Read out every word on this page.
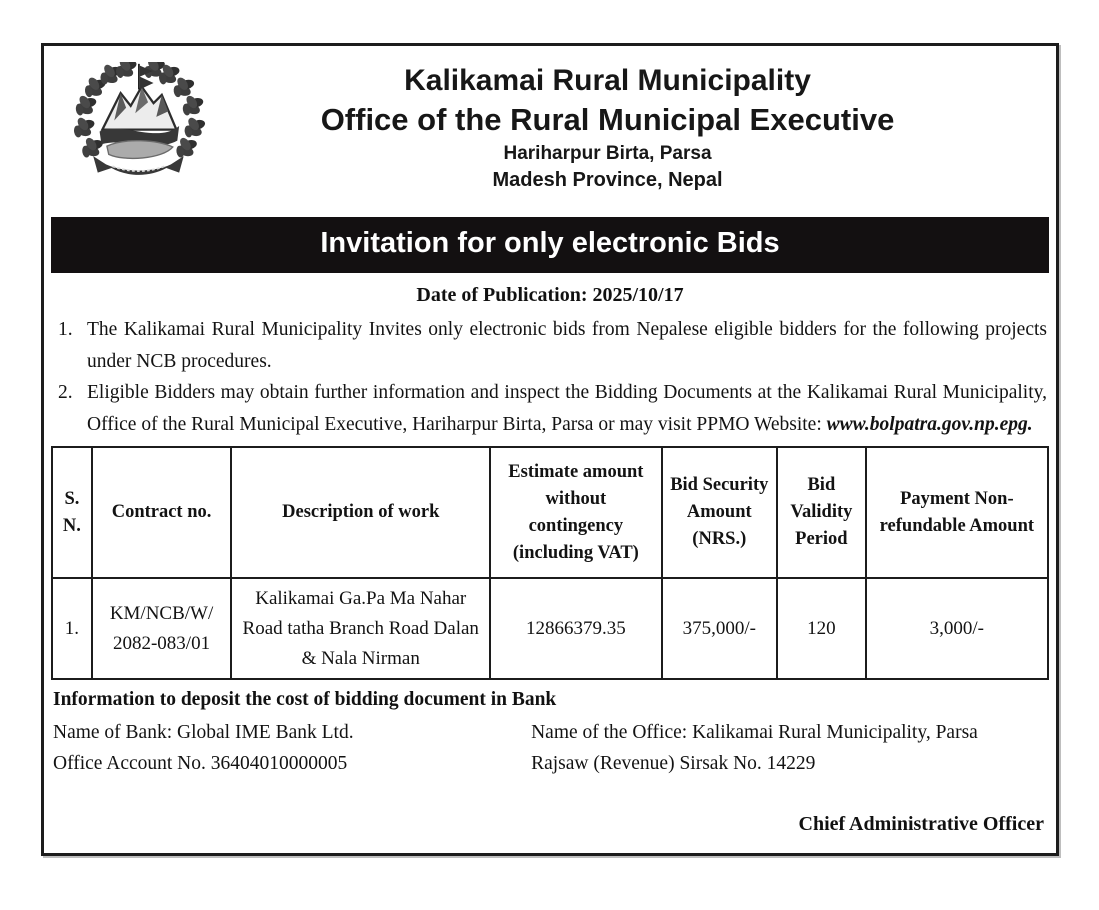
Kalikamai Rural Municipality
Office of the Rural Municipal Executive
Hariharpur Birta, Parsa
Madesh Province, Nepal
Invitation for only electronic Bids
Date of Publication: 2025/10/17
1. The Kalikamai Rural Municipality Invites only electronic bids from Nepalese eligible bidders for the following projects under NCB procedures.
2. Eligible Bidders may obtain further information and inspect the Bidding Documents at the Kalikamai Rural Municipality, Office of the Rural Municipal Executive, Hariharpur Birta, Parsa or may visit PPMO Website: www.bolpatra.gov.np.epg.
S. N.	Contract no.	Description of work	Estimate amount without contingency (including VAT)	Bid Security Amount (NRS.)	Bid Validity Period	Payment Non-refundable Amount
1.	KM/NCB/W/ 2082-083/01	Kalikamai Ga.Pa Ma Nahar Road tatha Branch Road Dalan & Nala Nirman	12866379.35	375,000/-	120	3,000/-
Information to deposit the cost of bidding document in Bank
Name of Bank: Global IME Bank Ltd.
Office Account No. 36404010000005
Name of the Office: Kalikamai Rural Municipality, Parsa
Rajsaw (Revenue) Sirsak No. 14229
Chief Administrative Officer
